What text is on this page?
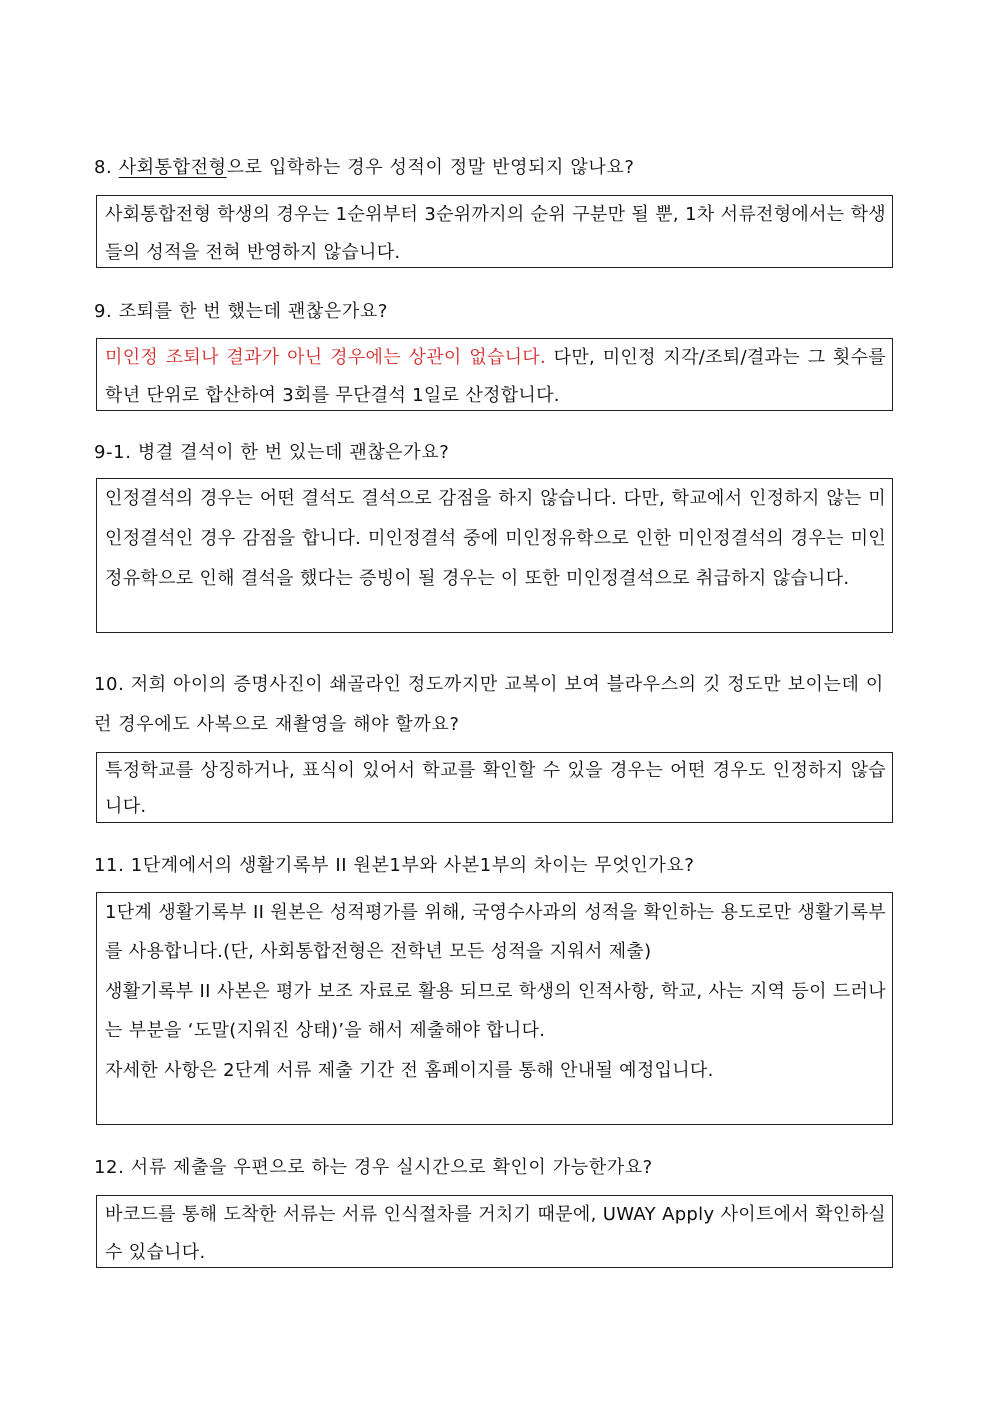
8. 사회통합전형으로 입학하는 경우 성적이 정말 반영되지 않나요?

사회통합전형 학생의 경우는 1순위부터 3순위까지의 순위 구분만 될 뿐, 1차 서류전형에서는 학생들의 성적을 전혀 반영하지 않습니다.

9. 조퇴를 한 번 했는데 괜찮은가요?

미인정 조퇴나 결과가 아닌 경우에는 상관이 없습니다. 다만, 미인정 지각/조퇴/결과는 그 횟수를 학년 단위로 합산하여 3회를 무단결석 1일로 산정합니다.

9-1. 병결 결석이 한 번 있는데 괜찮은가요?

인정결석의 경우는 어떤 결석도 결석으로 감점을 하지 않습니다. 다만, 학교에서 인정하지 않는 미인정결석인 경우 감점을 합니다. 미인정결석 중에 미인정유학으로 인한 미인정결석의 경우는 미인정유학으로 인해 결석을 했다는 증빙이 될 경우는 이 또한 미인정결석으로 취급하지 않습니다.

10. 저희 아이의 증명사진이 쇄골라인 정도까지만 교복이 보여 블라우스의 깃 정도만 보이는데 이런 경우에도 사복으로 재촬영을 해야 할까요?

특정학교를 상징하거나, 표식이 있어서 학교를 확인할 수 있을 경우는 어떤 경우도 인정하지 않습니다.

11. 1단계에서의 생활기록부 II 원본1부와 사본1부의 차이는 무엇인가요?

1단계 생활기록부 II 원본은 성적평가를 위해, 국영수사과의 성적을 확인하는 용도로만 생활기록부를 사용합니다.(단, 사회통합전형은 전학년 모든 성적을 지워서 제출)

생활기록부 II 사본은 평가 보조 자료로 활용 되므로 학생의 인적사항, 학교, 사는 지역 등이 드러나는 부분을 ‘도말(지워진 상태)’을 해서 제출해야 합니다.

자세한 사항은 2단계 서류 제출 기간 전 홈페이지를 통해 안내될 예정입니다.

12. 서류 제출을 우편으로 하는 경우 실시간으로 확인이 가능한가요?

바코드를 통해 도착한 서류는 서류 인식절차를 거치기 때문에, UWAY Apply 사이트에서 확인하실 수 있습니다.
